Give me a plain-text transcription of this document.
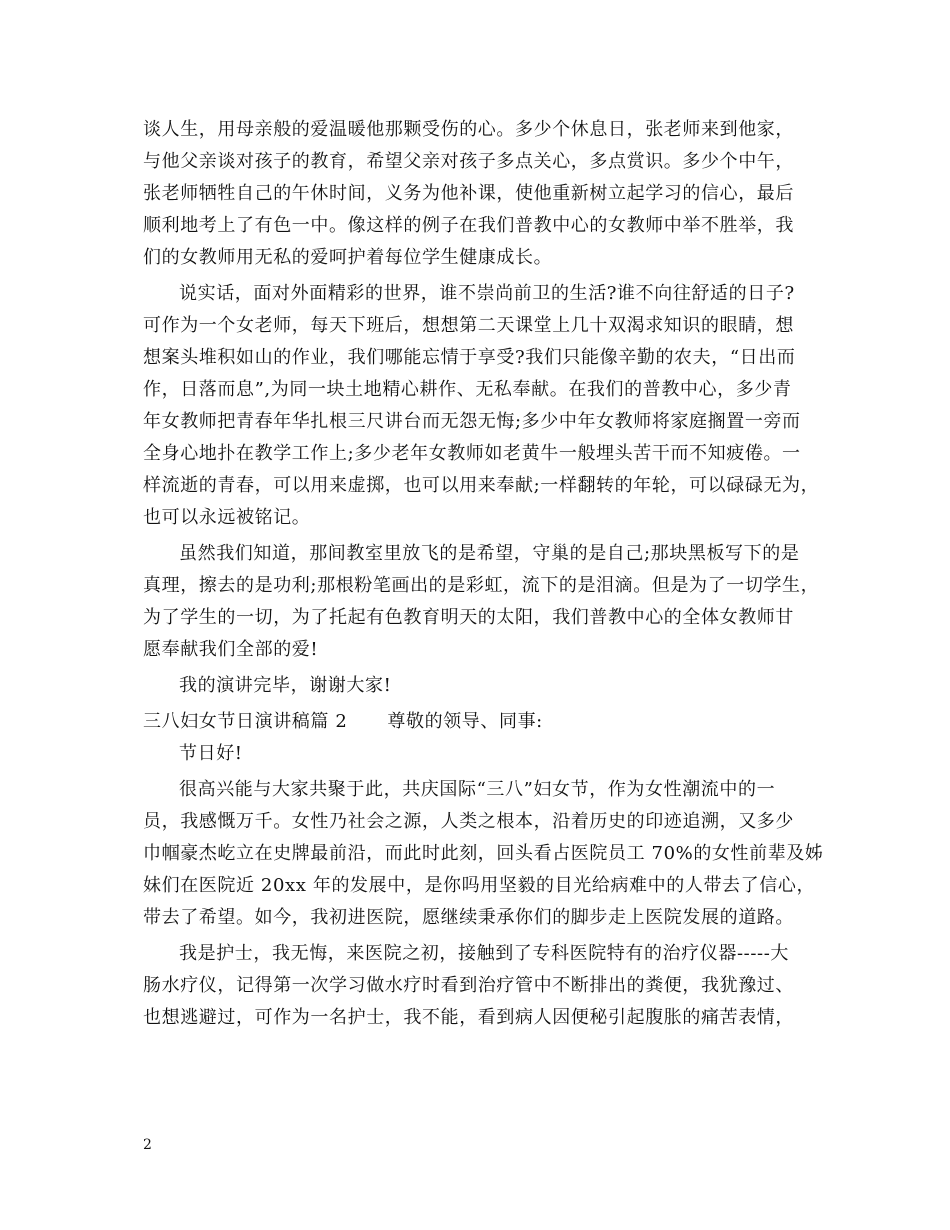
谈人生，用母亲般的爱温暖他那颗受伤的心。多少个休息日，张老师来到他家，
与他父亲谈对孩子的教育，希望父亲对孩子多点关心，多点赏识。多少个中午，
张老师牺牲自己的午休时间，义务为他补课，使他重新树立起学习的信心，最后
顺利地考上了有色一中。像这样的例子在我们普教中心的女教师中举不胜举，我
们的女教师用无私的爱呵护着每位学生健康成长。
说实话，面对外面精彩的世界，谁不崇尚前卫的生活?谁不向往舒适的日子?
可作为一个女老师，每天下班后，想想第二天课堂上几十双渴求知识的眼睛，想
想案头堆积如山的作业，我们哪能忘情于享受?我们只能像辛勤的农夫，“日出而
作，日落而息”,为同一块土地精心耕作、无私奉献。在我们的普教中心，多少青
年女教师把青春年华扎根三尺讲台而无怨无悔;多少中年女教师将家庭搁置一旁而
全身心地扑在教学工作上;多少老年女教师如老黄牛一般埋头苦干而不知疲倦。一
样流逝的青春，可以用来虚掷，也可以用来奉献;一样翻转的年轮，可以碌碌无为，
也可以永远被铭记。
虽然我们知道，那间教室里放飞的是希望，守巢的是自己;那块黑板写下的是
真理，擦去的是功利;那根粉笔画出的是彩虹，流下的是泪滴。但是为了一切学生，
为了学生的一切，为了托起有色教育明天的太阳，我们普教中心的全体女教师甘
愿奉献我们全部的爱!
我的演讲完毕，谢谢大家!
三八妇女节日演讲稿篇 2 尊敬的领导、同事:
节日好!
很高兴能与大家共聚于此，共庆国际“三八”妇女节，作为女性潮流中的一
员，我感慨万千。女性乃社会之源，人类之根本，沿着历史的印迹追溯，又多少
巾帼豪杰屹立在史牌最前沿，而此时此刻，回头看占医院员工 70%的女性前辈及姊
妹们在医院近 20xx 年的发展中，是你吗用坚毅的目光给病难中的人带去了信心，
带去了希望。如今，我初进医院，愿继续秉承你们的脚步走上医院发展的道路。
我是护士，我无悔，来医院之初，接触到了专科医院特有的治疗仪器-----大
肠水疗仪，记得第一次学习做水疗时看到治疗管中不断排出的粪便，我犹豫过、
也想逃避过，可作为一名护士，我不能，看到病人因便秘引起腹胀的痛苦表情，
2
